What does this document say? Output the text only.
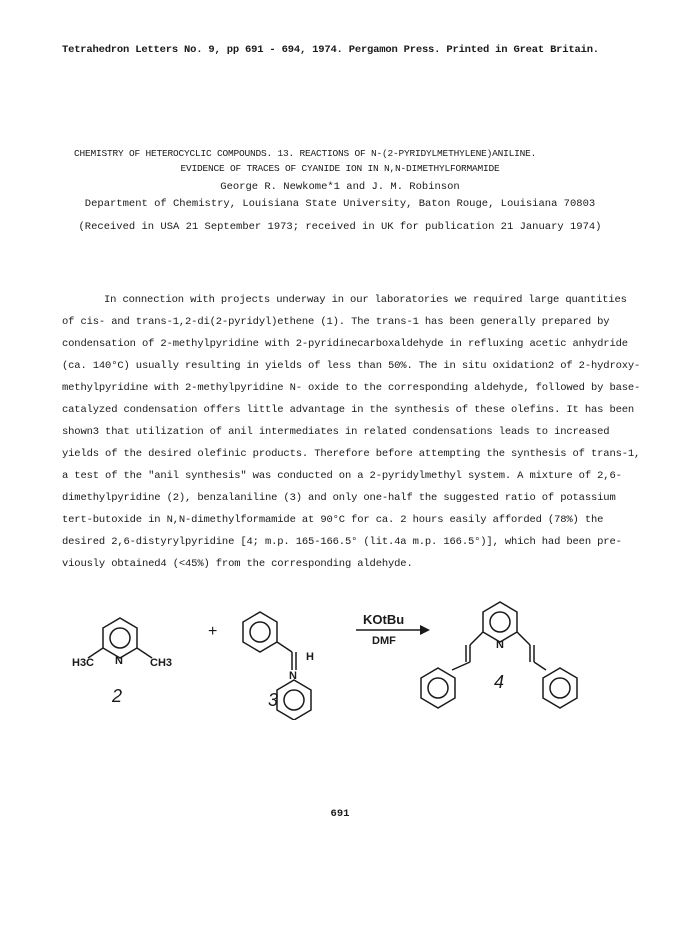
Tetrahedron Letters No. 9, pp 691 - 694, 1974. Pergamon Press. Printed in Great Britain.
CHEMISTRY OF HETEROCYCLIC COMPOUNDS. 13. REACTIONS OF N-(2-PYRIDYLMETHYLENE)ANILINE.
EVIDENCE OF TRACES OF CYANIDE ION IN N,N-DIMETHYLFORMAMIDE
George R. Newkome*1 and J. M. Robinson
Department of Chemistry, Louisiana State University, Baton Rouge, Louisiana 70803
(Received in USA 21 September 1973; received in UK for publication 21 January 1974)
In connection with projects underway in our laboratories we required large quantities
of cis- and trans-1,2-di(2-pyridyl)ethene (1). The trans-1 has been generally prepared by
condensation of 2-methylpyridine with 2-pyridinecarboxaldehyde in refluxing acetic anhydride
(ca. 140°C) usually resulting in yields of less than 50%. The in situ oxidation2 of 2-hydroxy-
methylpyridine with 2-methylpyridine N- oxide to the corresponding aldehyde, followed by base-
catalyzed condensation offers little advantage in the synthesis of these olefins. It has been
shown3 that utilization of anil intermediates in related condensations leads to increased
yields of the desired olefinic products. Therefore before attempting the synthesis of trans-1,
a test of the "anil synthesis" was conducted on a 2-pyridylmethyl system. A mixture of 2,6-
dimethylpyridine (2), benzalaniline (3) and only one-half the suggested ratio of potassium
tert-butoxide in N,N-dimethylformamide at 90°C for ca. 2 hours easily afforded (78%) the
desired 2,6-distyrylpyridine [4; m.p. 165-166.5° (lit.4a m.p. 166.5°)], which had been pre-
viously obtained4 (<45%) from the corresponding aldehyde.
H3C	CH3
N
2
+
H
N
3
KOtBu
DMF	N
4
691
